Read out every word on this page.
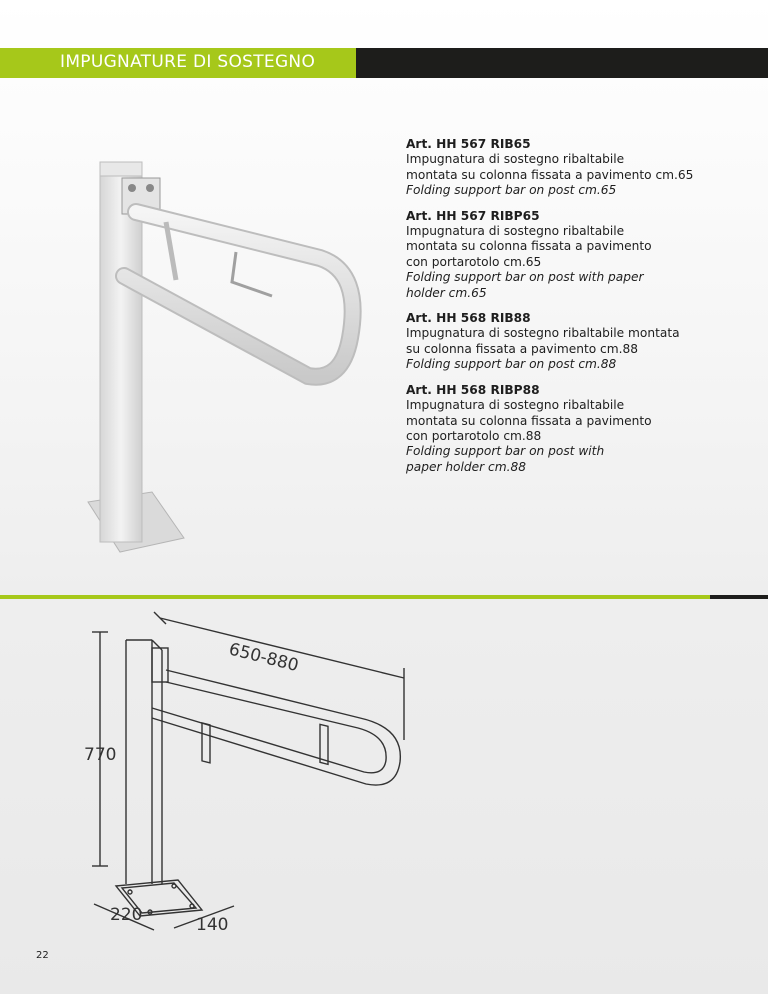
IMPUGNATURE DI SOSTEGNO
Art. HH 567 RIB65
Impugnatura di sostegno ribaltabile
montata su colonna fissata a pavimento cm.65
Folding support bar on post cm.65
Art. HH 567 RIBP65
Impugnatura di sostegno ribaltabile
montata su colonna fissata a pavimento
con portarotolo cm.65
Folding support bar on post with paper
holder cm.65
Art. HH 568 RIB88
Impugnatura di sostegno ribaltabile montata
su colonna fissata a pavimento cm.88
Folding support bar on post cm.88
Art. HH 568 RIBP88
Impugnatura di sostegno ribaltabile
montata su colonna fissata a pavimento
con portarotolo cm.88
Folding support bar on post with
paper holder cm.88
650-880
770
220	140
22
